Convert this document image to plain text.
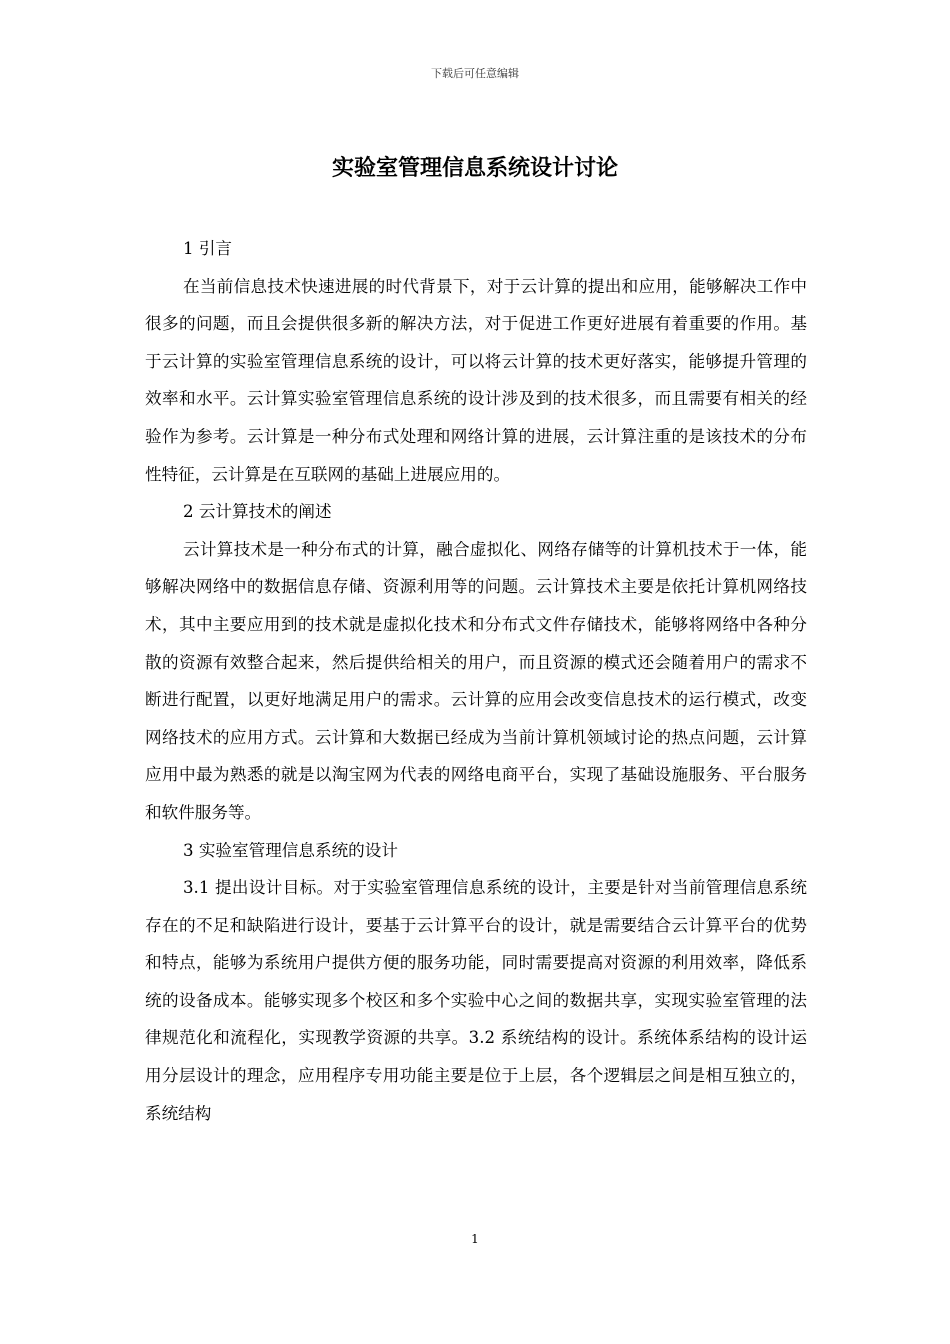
下载后可任意编辑
实验室管理信息系统设计讨论
1 引言

在当前信息技术快速进展的时代背景下，对于云计算的提出和应用，能够解决工作中很多的问题，而且会提供很多新的解决方法，对于促进工作更好进展有着重要的作用。基于云计算的实验室管理信息系统的设计，可以将云计算的技术更好落实，能够提升管理的效率和水平。云计算实验室管理信息系统的设计涉及到的技术很多，而且需要有相关的经验作为参考。云计算是一种分布式处理和网络计算的进展，云计算注重的是该技术的分布性特征，云计算是在互联网的基础上进展应用的。

2 云计算技术的阐述

云计算技术是一种分布式的计算，融合虚拟化、网络存储等的计算机技术于一体，能够解决网络中的数据信息存储、资源利用等的问题。云计算技术主要是依托计算机网络技术，其中主要应用到的技术就是虚拟化技术和分布式文件存储技术，能够将网络中各种分散的资源有效整合起来，然后提供给相关的用户，而且资源的模式还会随着用户的需求不断进行配置，以更好地满足用户的需求。云计算的应用会改变信息技术的运行模式，改变网络技术的应用方式。云计算和大数据已经成为当前计算机领域讨论的热点问题，云计算应用中最为熟悉的就是以淘宝网为代表的网络电商平台，实现了基础设施服务、平台服务和软件服务等。

3 实验室管理信息系统的设计

3.1 提出设计目标。对于实验室管理信息系统的设计，主要是针对当前管理信息系统存在的不足和缺陷进行设计，要基于云计算平台的设计，就是需要结合云计算平台的优势和特点，能够为系统用户提供方便的服务功能，同时需要提高对资源的利用效率，降低系统的设备成本。能够实现多个校区和多个实验中心之间的数据共享，实现实验室管理的法律规范化和流程化，实现教学资源的共享。3.2 系统结构的设计。系统体系结构的设计运用分层设计的理念，应用程序专用功能主要是位于上层，各个逻辑层之间是相互独立的，系统结构

1
